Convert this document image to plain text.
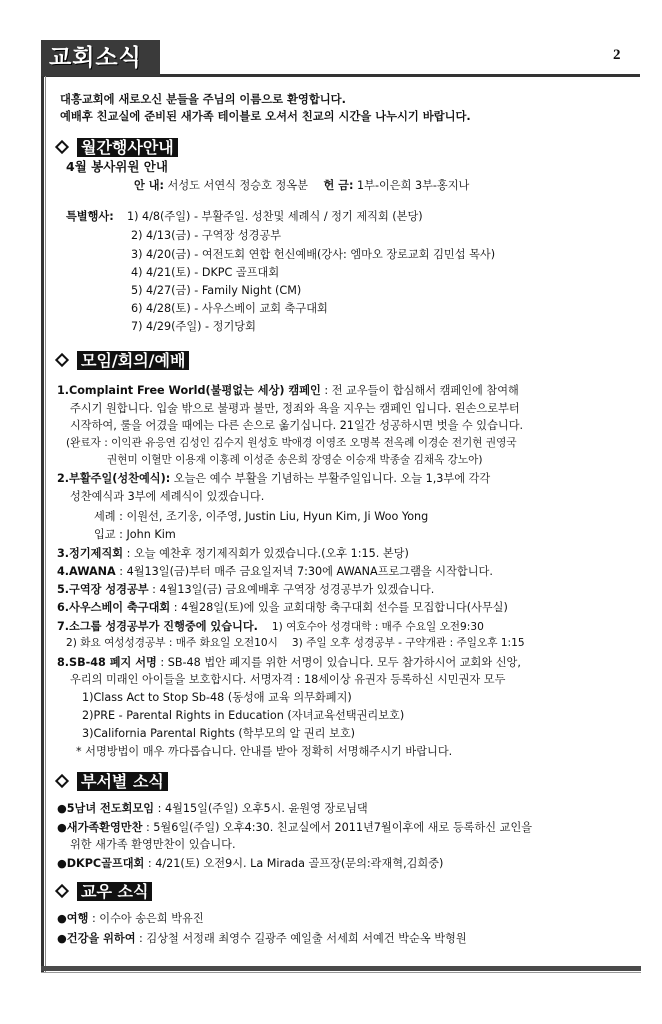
교회소식	2
대흥교회에 새로오신 분들을 주님의 이름으로 환영합니다.
예배후 친교실에 준비된 새가족 테이블로 오셔서 친교의 시간을 나누시기 바랍니다.
월간행사안내
4월 봉사위원 안내
안 내: 서성도 서연식 정승호 정옥분 헌 금: 1부-이은희 3부-홍지나
특별행사: 1) 4/8(주일) - 부활주일. 성찬및 세례식 / 정기 제직회 (본당)
2) 4/13(금) - 구역장 성경공부
3) 4/20(금) - 여전도회 연합 헌신예배(강사: 엠마오 장로교회 김민섭 목사)
4) 4/21(토) - DKPC 골프대회
5) 4/27(금) - Family Night (CM)
6) 4/28(토) - 사우스베이 교회 축구대회
7) 4/29(주일) - 정기당회
모임/회의/예배
1.Complaint Free World(불평없는 세상) 캠페인 : 전 교우들이 합심해서 캠페인에 참여해
주시기 원합니다. 입술 밖으로 불평과 불만, 정죄와 욕을 지우는 캠페인 입니다. 왼손으로부터
시작하여, 룰을 어겼을 때에는 다른 손으로 옮기십니다. 21일간 성공하시면 벗을 수 있습니다.
(완료자 : 이익관 유응연 김성인 김수지 원성호 박애경 이영조 오명복 전옥례 이경순 전기현 권영국
권현미 이혈만 이용재 이홍례 이성준 송은희 장영순 이승재 박종술 김채옥 강노아)
2.부활주일(성찬예식): 오늘은 예수 부활을 기념하는 부활주일입니다. 오늘 1,3부에 각각
성찬예식과 3부에 세례식이 있겠습니다.
세례 : 이원선, 조기웅, 이주영, Justin Liu, Hyun Kim, Ji Woo Yong
입교 : John Kim
3.정기제직회 : 오늘 예찬후 정기제직회가 있겠습니다.(오후 1:15. 본당)
4.AWANA : 4월13일(금)부터 매주 금요일저녁 7:30에 AWANA프로그램을 시작합니다.
5.구역장 성경공부 : 4월13일(금) 금요예배후 구역장 성경공부가 있겠습니다.
6.사우스베이 축구대회 : 4월28일(토)에 있을 교회대항 축구대회 선수를 모집합니다(사무실)
7.소그룹 성경공부가 진행중에 있습니다. 1) 여호수아 성경대학 : 매주 수요일 오전9:30
2) 화요 여성성경공부 : 매주 화요일 오전10시 3) 주일 오후 성경공부 - 구약개관 : 주일오후 1:15
8.SB-48 폐지 서명 : SB-48 법안 폐지를 위한 서명이 있습니다. 모두 참가하시어 교회와 신앙,
우리의 미래인 아이들을 보호합시다. 서명자격 : 18세이상 유권자 등록하신 시민권자 모두
1)Class Act to Stop Sb-48 (동성애 교육 의무화폐지)
2)PRE - Parental Rights in Education (자녀교육선택권리보호)
3)California Parental Rights (학부모의 알 권리 보호)
* 서명방법이 매우 까다롭습니다. 안내를 받아 정확히 서명해주시기 바랍니다.
부서별 소식
●5남녀 전도회모임 : 4월15일(주일) 오후5시. 윤원영 장로님댁
●새가족환영만찬 : 5월6일(주일) 오후4:30. 친교실에서 2011년7월이후에 새로 등록하신 교인을
위한 새가족 환영만찬이 있습니다.
●DKPC골프대회 : 4/21(토) 오전9시. La Mirada 골프장(문의:곽재혁,김희중)
교우 소식
●여행 : 이수아 송은희 박유진
●건강을 위하여 : 김상철 서정래 최영수 길광주 예일출 서세희 서예건 박순옥 박형원
